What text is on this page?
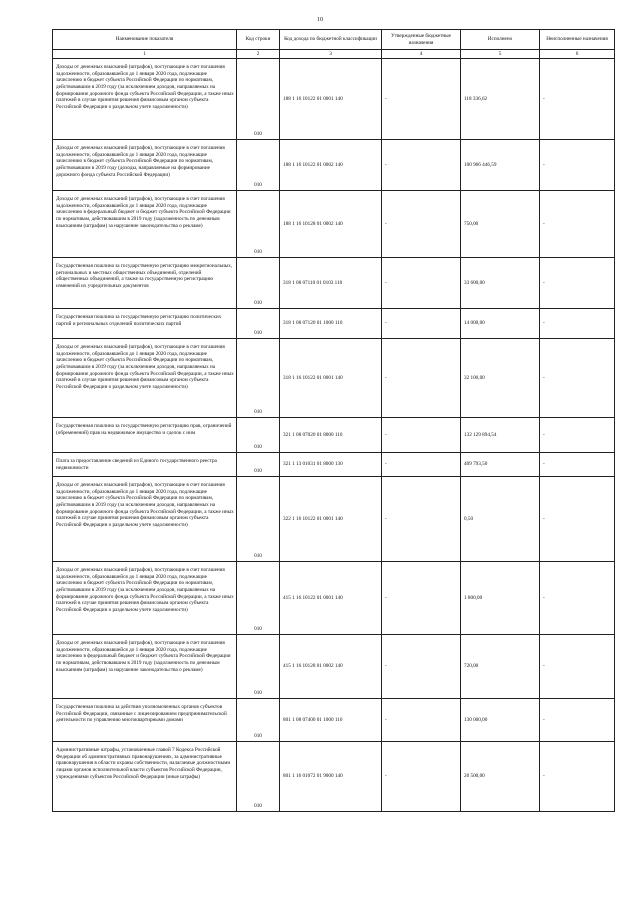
10
Наименование показателя	Код строки	Код дохода по бюджетной классификации	Утвержденные бюджетные назначения	Исполнено	Неисполненные назначения
1	2	3	4	5	6
Доходы от денежных взысканий (штрафов), поступающие в счет погашения задолженности, образовавшейся до 1 января 2020 года, подлежащие зачислению в бюджет субъекта Российской Федерации по нормативам, действовавшим в 2019 году (за исключением доходов, направляемых на формирование дорожного фонда субъекта Российской Федерации, а также иных платежей в случае принятия решения финансовым органом субъекта Российской Федерации о раздельном учете задолженности)	010	188 1 16 10122 01 0001 140	-	118 336,62	-
Доходы от денежных взысканий (штрафов), поступающие в счет погашения задолженности, образовавшейся до 1 января 2020 года, подлежащие зачислению в бюджет субъекта Российской Федерации по нормативам, действовавшим в 2019 году (доходы, направляемые на формирование дорожного фонда субъекта Российской Федерации)	010	188 1 16 10122 01 0002 140	-	100 966 446,59	-
Доходы от денежных взысканий (штрафов), поступающие в счет погашения задолженности, образовавшейся до 1 января 2020 года, подлежащие зачислению в федеральный бюджет и бюджет субъекта Российской Федерации по нормативам, действовавшим в 2019 году (задолженность по денежным взысканиям (штрафам) за нарушение законодательства о рекламе)	010	188 1 16 10128 01 0002 140	-	750,00	-
Государственная пошлина за государственную регистрацию межрегиональных, региональных и местных общественных объединений, отделений общественных объединений, а также за государственную регистрацию изменений их учредительных документов	010	318 1 08 07110 01 0103 110	-	33 600,00	-
Государственная пошлина за государственную регистрацию политических партий и региональных отделений политических партий	010	318 1 08 07120 01 1000 110	-	14 000,00	-
Доходы от денежных взысканий (штрафов), поступающие в счет погашения задолженности, образовавшейся до 1 января 2020 года, подлежащие зачислению в бюджет субъекта Российской Федерации по нормативам, действовавшим в 2019 году (за исключением доходов, направляемых на формирование дорожного фонда субъекта Российской Федерации, а также иных платежей в случае принятия решения финансовым органом субъекта Российской Федерации о раздельном учете задолженности)	010	318 1 16 10122 01 0001 140	-	32 100,00	-
Государственная пошлина за государственную регистрацию прав, ограничений (обременений) прав на недвижимое имущество и сделок с ним	010	321 1 08 07020 01 8000 110	-	132 129 894,54	-
Плата за предоставление сведений из Единого государственного реестра недвижимости	010	321 1 13 01031 01 8000 130	-	409 793,50	-
Доходы от денежных взысканий (штрафов), поступающие в счет погашения задолженности, образовавшейся до 1 января 2020 года, подлежащие зачислению в бюджет субъекта Российской Федерации по нормативам, действовавшим в 2019 году (за исключением доходов, направляемых на формирование дорожного фонда субъекта Российской Федерации, а также иных платежей в случае принятия решения финансовым органом субъекта Российской Федерации о раздельном учете задолженности)	010	322 1 16 10122 01 0001 140	-	0,50	-
Доходы от денежных взысканий (штрафов), поступающие в счет погашения задолженности, образовавшейся до 1 января 2020 года, подлежащие зачислению в бюджет субъекта Российской Федерации по нормативам, действовавшим в 2019 году (за исключением доходов, направляемых на формирование дорожного фонда субъекта Российской Федерации, а также иных платежей в случае принятия решения финансовым органом субъекта Российской Федерации о раздельном учете задолженности)	010	415 1 16 10122 01 0001 140	-	1 800,00	-
Доходы от денежных взысканий (штрафов), поступающие в счет погашения задолженности, образовавшейся до 1 января 2020 года, подлежащие зачислению в федеральный бюджет и бюджет субъекта Российской Федерации по нормативам, действовавшим в 2019 году (задолженность по денежным взысканиям (штрафам) за нарушение законодательства о рекламе)	010	415 1 16 10128 01 0002 140	-	720,00	-
Государственная пошлина за действия уполномоченных органов субъектов Российской Федерации, связанные с лицензированием предпринимательской деятельности по управлению многоквартирными домами	010	801 1 08 07400 01 1000 110	-	130 000,00	-
Административные штрафы, установленные главой 7 Кодекса Российской Федерации об административных правонарушениях, за административные правонарушения в области охраны собственности, налагаемые должностными лицами органов исполнительной власти субъектов Российской Федерации, учреждениями субъектов Российской Федерации (иные штрафы)	010	801 1 16 01072 01 9000 140	-	20 500,00	-
